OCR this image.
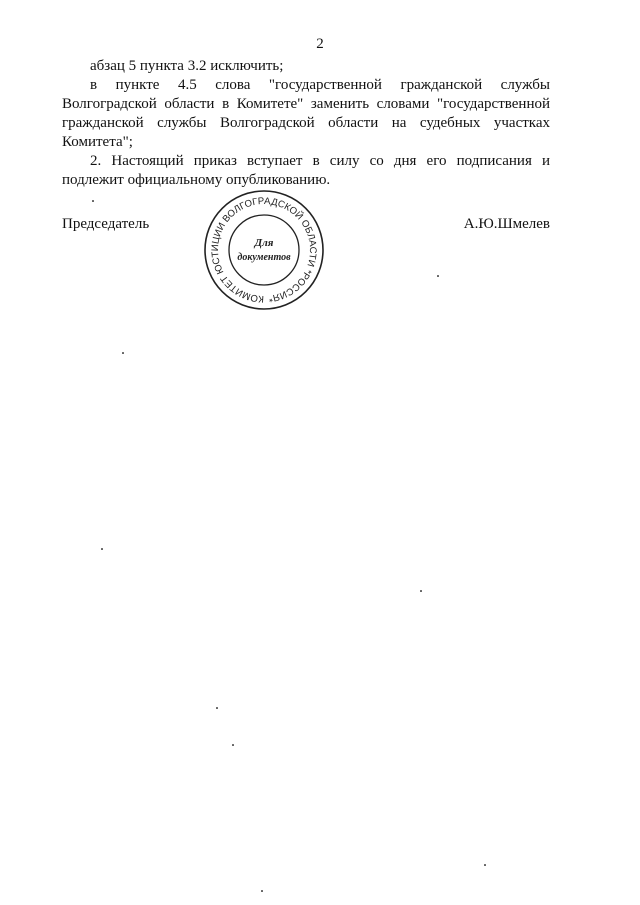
2

абзац 5 пункта 3.2 исключить;

в пункте 4.5 слова "государственной гражданской службы Волгоградской области в Комитете" заменить словами "государственной гражданской службы Волгоградской области на судебных участках Комитета";

2. Настоящий приказ вступает в силу со дня его подписания и подлежит официальному опубликованию.

Председатель	А.Ю.Шмелев
КОМИТЕТ ЮСТИЦИИ ВОЛГОГРАДСКОЙ ОБЛАСТИ *РОССИЯ*
Для
документов
